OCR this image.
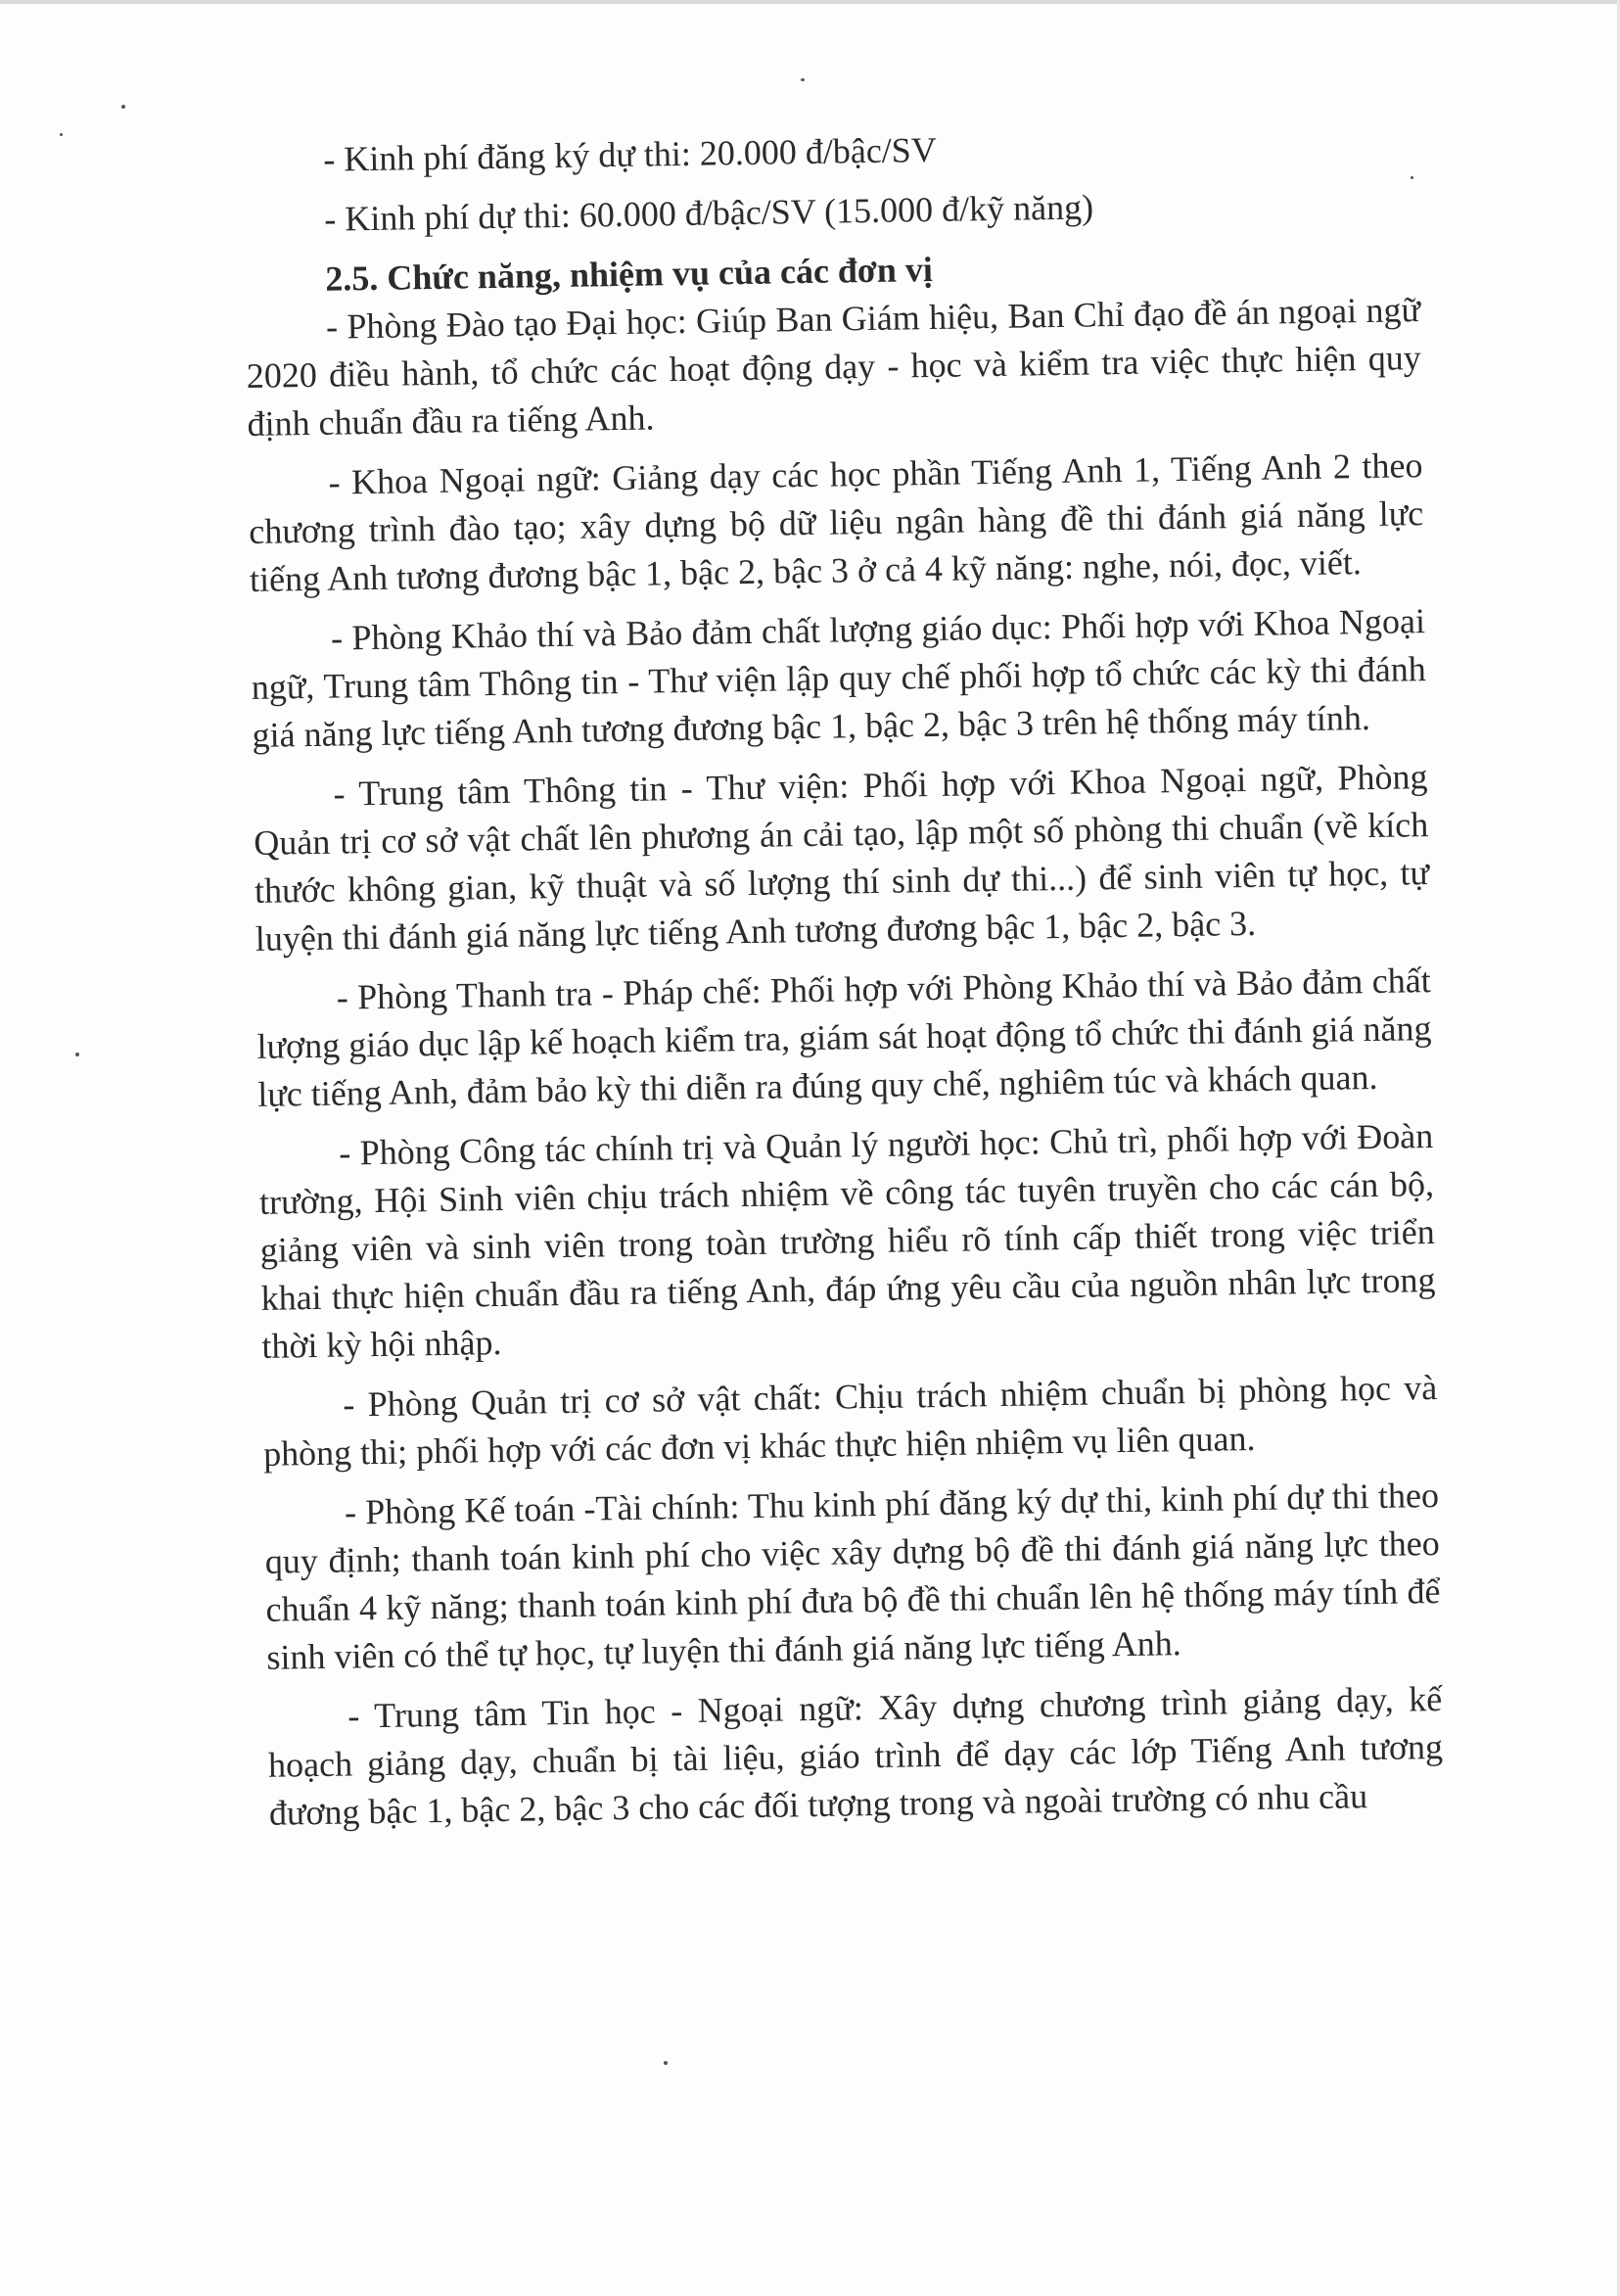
- Kinh phí đăng ký dự thi: 20.000 đ/bậc/SV
- Kinh phí dự thi: 60.000 đ/bậc/SV (15.000 đ/kỹ năng)
2.5. Chức năng, nhiệm vụ của các đơn vị

- Phòng Đào tạo Đại học: Giúp Ban Giám hiệu, Ban Chỉ đạo đề án ngoại ngữ 2020 điều hành, tổ chức các hoạt động dạy - học và kiểm tra việc thực hiện quy định chuẩn đầu ra tiếng Anh.

- Khoa Ngoại ngữ: Giảng dạy các học phần Tiếng Anh 1, Tiếng Anh 2 theo chương trình đào tạo; xây dựng bộ dữ liệu ngân hàng đề thi đánh giá năng lực tiếng Anh tương đương bậc 1, bậc 2, bậc 3 ở cả 4 kỹ năng: nghe, nói, đọc, viết.

- Phòng Khảo thí và Bảo đảm chất lượng giáo dục: Phối hợp với Khoa Ngoại ngữ, Trung tâm Thông tin - Thư viện lập quy chế phối hợp tổ chức các kỳ thi đánh giá năng lực tiếng Anh tương đương bậc 1, bậc 2, bậc 3 trên hệ thống máy tính.

- Trung tâm Thông tin - Thư viện: Phối hợp với Khoa Ngoại ngữ, Phòng Quản trị cơ sở vật chất lên phương án cải tạo, lập một số phòng thi chuẩn (về kích thước không gian, kỹ thuật và số lượng thí sinh dự thi...) để sinh viên tự học, tự luyện thi đánh giá năng lực tiếng Anh tương đương bậc 1, bậc 2, bậc 3.

- Phòng Thanh tra - Pháp chế: Phối hợp với Phòng Khảo thí và Bảo đảm chất lượng giáo dục lập kế hoạch kiểm tra, giám sát hoạt động tổ chức thi đánh giá năng lực tiếng Anh, đảm bảo kỳ thi diễn ra đúng quy chế, nghiêm túc và khách quan.

- Phòng Công tác chính trị và Quản lý người học: Chủ trì, phối hợp với Đoàn trường, Hội Sinh viên chịu trách nhiệm về công tác tuyên truyền cho các cán bộ, giảng viên và sinh viên trong toàn trường hiểu rõ tính cấp thiết trong việc triển khai thực hiện chuẩn đầu ra tiếng Anh, đáp ứng yêu cầu của nguồn nhân lực trong thời kỳ hội nhập.

- Phòng Quản trị cơ sở vật chất: Chịu trách nhiệm chuẩn bị phòng học và phòng thi; phối hợp với các đơn vị khác thực hiện nhiệm vụ liên quan.

- Phòng Kế toán -Tài chính: Thu kinh phí đăng ký dự thi, kinh phí dự thi theo quy định; thanh toán kinh phí cho việc xây dựng bộ đề thi đánh giá năng lực theo chuẩn 4 kỹ năng; thanh toán kinh phí đưa bộ đề thi chuẩn lên hệ thống máy tính để sinh viên có thể tự học, tự luyện thi đánh giá năng lực tiếng Anh.

- Trung tâm Tin học - Ngoại ngữ: Xây dựng chương trình giảng dạy, kế hoạch giảng dạy, chuẩn bị tài liệu, giáo trình để dạy các lớp Tiếng Anh tương đương bậc 1, bậc 2, bậc 3 cho các đối tượng trong và ngoài trường có nhu cầu
